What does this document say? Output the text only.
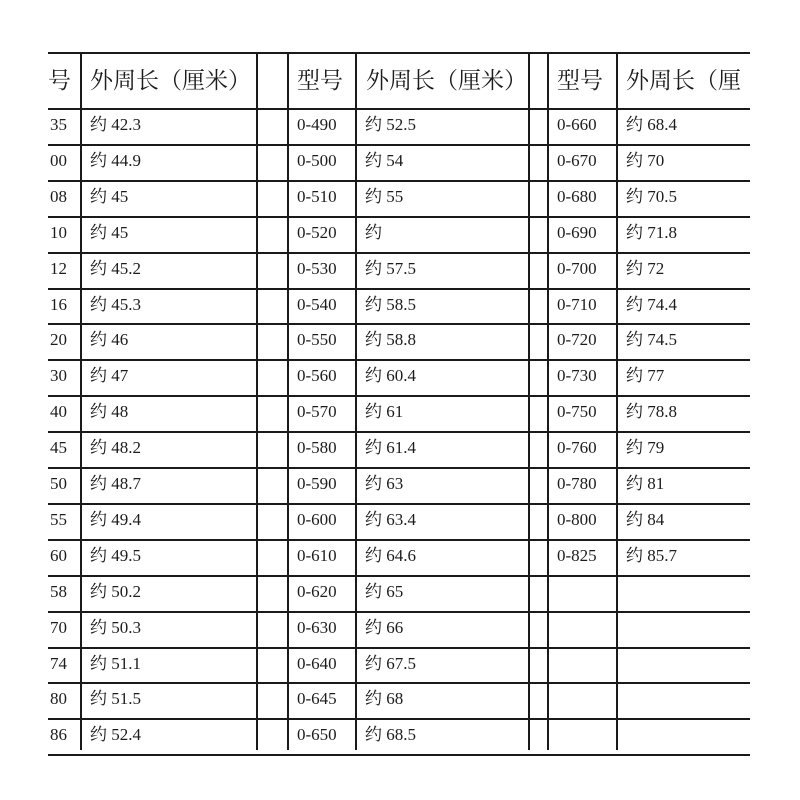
号
35
00
08
10
12
16
20
30
40
45
50
55
60
58
70
74
80
86
外周长（厘米） 型号 外周长（厘米） 型号 外周长（厘
约 42.3
约 44.9
约 45
约 45
约 45.2
约 45.3
约 46
约 47
约 48
约 48.2
约 48.7
约 49.4
约 49.5
约 50.2
约 50.3
约 51.1
约 51.5
约 52.4
0-490
0-500
0-510
0-520
0-530
0-540
0-550
0-560
0-570
0-580
0-590
0-600
0-610
0-620
0-630
0-640
0-645
0-650
约 52.5
约 54
约 55
约
约 57.5
约 58.5
约 58.8
约 60.4
约 61
约 61.4
约 63
约 63.4
约 64.6
约 65
约 66
约 67.5
约 68
约 68.5
0-660
0-670
0-680
0-690
0-700
0-710
0-720
0-730
0-750
0-760
0-780
0-800
0-825
约 68.4
约 70
约 70.5
约 71.8
约 72
约 74.4
约 74.5
约 77
约 78.8
约 79
约 81
约 84
约 85.7
